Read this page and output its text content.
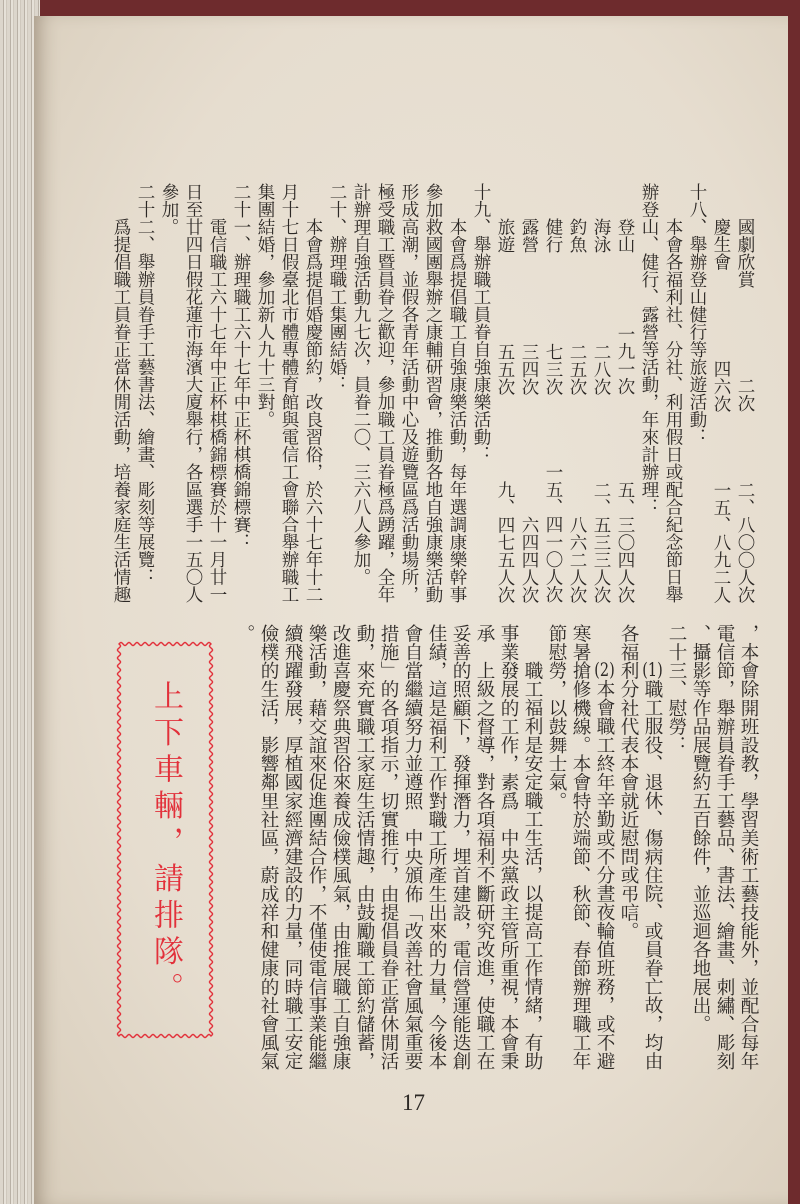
國劇欣賞
二次
二、八〇〇人次
慶生會
四六次
一五、八九二人
十八、舉辦登山健行等旅遊活動：
本會各福利社、分社、利用假日或配合紀念節日舉
辦登山、健行、露營等活動，年來計辦理：
登山
一九一次
五、三〇四人次
海泳
二八次
二、五三三人次
釣魚
二五次
八六二人次
健行
七三次
一五、四一〇人次
露營
三四次
六四四人次
旅遊
五五次
九、四七五人次
十九、舉辦職工員眷自強康樂活動：
本會爲提倡職工自強康樂活動，每年選調康樂幹事
參加救國團舉辦之康輔研習會，推動各地自強康樂活動
形成高潮，並假各青年活動中心及遊覽區爲活動場所，
極受職工暨員眷之歡迎，參加職工員眷極爲踴躍，全年
計辦理自強活動九七次，員眷二〇、三六八人參加。
二十、辦理職工集團結婚：
本會爲提倡婚慶節約，改良習俗，於六十七年十二
月十七日假臺北市體專體育館與電信工會聯合舉辦職工
集團結婚，參加新人九十三對。
二十一、辦理職工六十七年中正杯棋橋錦標賽：
電信職工六十七年中正杯棋橋錦標賽於十一月廿一
日至廿四日假花蓮市海濱大廈舉行，各區選手一五〇人
參加。
二十二、舉辦員眷手工藝書法、繪畫、彫刻等展覽：
爲提倡職工員眷正當休閒活動，培養家庭生活情趣
，本會除開班設教，學習美術工藝技能外，並配合每年
電信節，舉辦員眷手工藝品、書法、繪畫、刺繡、彫刻
、攝影等作品展覽約五百餘件，並巡迴各地展出。
二十三、慰勞：
(1)職工服役、退休、傷病住院、或員眷亡故，均由
各福利分社代表本會就近慰問或弔唁。
(2)本會職工終年辛勤或不分晝夜輪值班務，或不避
寒暑搶修機線。本會特於端節、秋節、春節辦理職工年
節慰勞，以鼓舞士氣。
職工福利是安定職工生活，以提高工作情緒，有助
事業發展的工作，素爲　中央黨政主管所重視，本會秉
承　上級之督導，對各項福利不斷研究改進，使職工在
妥善的照顧下，發揮潛力，埋首建設，電信營運能迭創
佳績，這是福利工作對職工所產生出來的力量，今後本
會自當繼續努力並遵照　中央頒佈「改善社會風氣重要
措施」的各項指示，切實推行，由提倡員眷正當休閒活
動，來充實職工家庭生活情趣，由鼓勵職工節約儲蓄，
改進喜慶祭典習俗來養成儉樸風氣，由推展職工自強康
樂活動，藉交誼來促進團結合作，不僅使電信事業能繼
續飛躍發展，厚植國家經濟建設的力量，同時職工安定
儉樸的生活，影響鄰里社區，蔚成祥和健康的社會風氣
。
上下車輛，請排隊。
17
